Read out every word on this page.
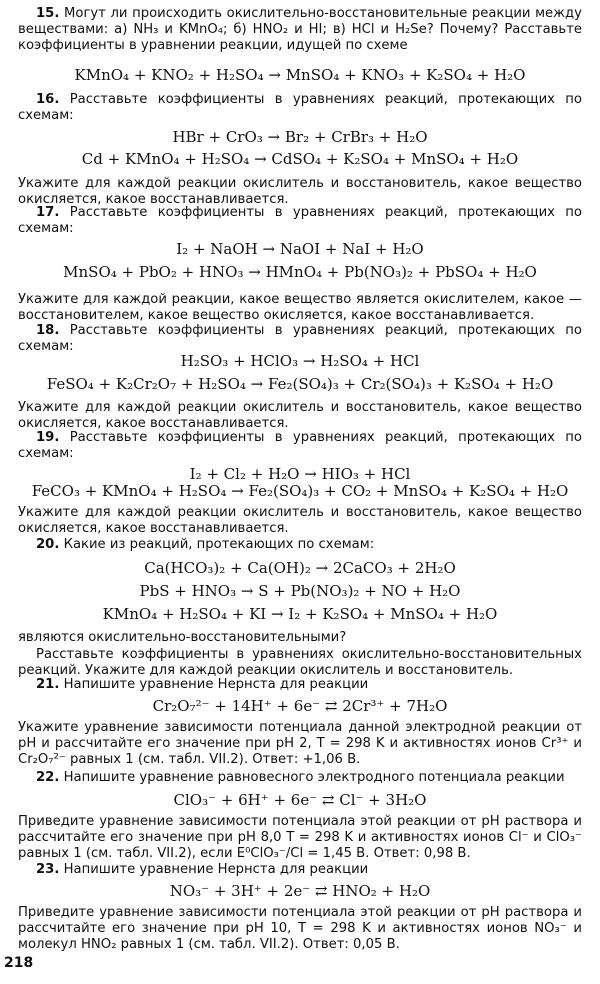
15. Могут ли происходить окислительно-восстановительные реакции между веществами: а) NH₃ и KMnO₄; б) HNO₂ и HI; в) HCl и H₂Se? Почему? Расставьте коэффициенты в уравнении реакции, идущей по схеме
KMnO₄ + KNO₂ + H₂SO₄ → MnSO₄ + KNO₃ + K₂SO₄ + H₂O
16. Расставьте коэффициенты в уравнениях реакций, протекающих по схемам:
HBr + CrO₃ → Br₂ + CrBr₃ + H₂O
Cd + KMnO₄ + H₂SO₄ → CdSO₄ + K₂SO₄ + MnSO₄ + H₂O
Укажите для каждой реакции окислитель и восстановитель, какое вещество окисляется, какое восстанавливается.
17. Расставьте коэффициенты в уравнениях реакций, протекающих по схемам:
I₂ + NaOH → NaOI + NaI + H₂O
MnSO₄ + PbO₂ + HNO₃ → HMnO₄ + Pb(NO₃)₂ + PbSO₄ + H₂O
Укажите для каждой реакции, какое вещество является окислителем, какое — восстановителем, какое вещество окисляется, какое восстанавливается.
18. Расставьте коэффициенты в уравнениях реакций, протекающих по схемам:
H₂SO₃ + HClO₃ → H₂SO₄ + HCl
FeSO₄ + K₂Cr₂O₇ + H₂SO₄ → Fe₂(SO₄)₃ + Cr₂(SO₄)₃ + K₂SO₄ + H₂O
Укажите для каждой реакции окислитель и восстановитель, какое вещество окисляется, какое восстанавливается.
19. Расставьте коэффициенты в уравнениях реакций, протекающих по схемам:
I₂ + Cl₂ + H₂O → HIO₃ + HCl
FeCO₃ + KMnO₄ + H₂SO₄ → Fe₂(SO₄)₃ + CO₂ + MnSO₄ + K₂SO₄ + H₂O
Укажите для каждой реакции окислитель и восстановитель, какое вещество окисляется, какое восстанавливается.
20. Какие из реакций, протекающих по схемам:
Ca(HCO₃)₂ + Ca(OH)₂ → 2CaCO₃ + 2H₂O
PbS + HNO₃ → S + Pb(NO₃)₂ + NO + H₂O
KMnO₄ + H₂SO₄ + KI → I₂ + K₂SO₄ + MnSO₄ + H₂O
являются окислительно-восстановительными?
Расставьте коэффициенты в уравнениях окислительно-восстановительных реакций. Укажите для каждой реакции окислитель и восстановитель.
21. Напишите уравнение Нернста для реакции
Cr₂O₇²⁻ + 14H⁺ + 6e⁻ ⇄ 2Cr³⁺ + 7H₂O
Укажите уравнение зависимости потенциала данной электродной реакции от pH и рассчитайте его значение при pH 2, T = 298 K и активностях ионов Cr³⁺ и Cr₂O₇²⁻ равных 1 (см. табл. VII.2). Ответ: +1,06 В.
22. Напишите уравнение равновесного электродного потенциала реакции
ClO₃⁻ + 6H⁺ + 6e⁻ ⇄ Cl⁻ + 3H₂O
Приведите уравнение зависимости потенциала этой реакции от pH раствора и рассчитайте его значение при pH 8,0 T = 298 K и активностях ионов Cl⁻ и ClO₃⁻ равных 1 (см. табл. VII.2), если E⁰ClO₃⁻/Cl = 1,45 В. Ответ: 0,98 В.
23. Напишите уравнение Нернста для реакции
NO₃⁻ + 3H⁺ + 2e⁻ ⇄ HNO₂ + H₂O
Приведите уравнение зависимости потенциала этой реакции от pH раствора и рассчитайте его значение при pH 10, T = 298 K и активностях ионов NO₃⁻ и молекул HNO₂ равных 1 (см. табл. VII.2). Ответ: 0,05 В.
218
